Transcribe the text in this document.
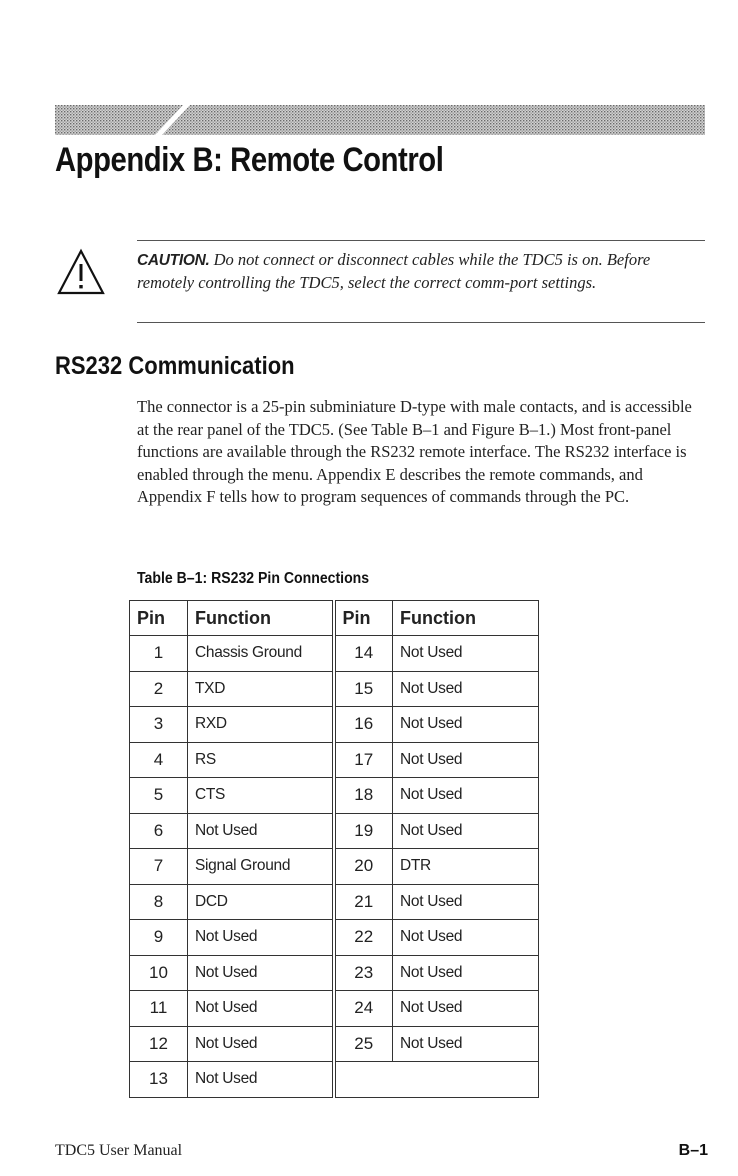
Appendix B: Remote Control

CAUTION. Do not connect or disconnect cables while the TDC5 is on. Before remotely controlling the TDC5, select the correct comm-port settings.

RS232 Communication

The connector is a 25-pin subminiature D-type with male contacts, and is accessible at the rear panel of the TDC5. (See Table B–1 and Figure B–1.) Most front-panel functions are available through the RS232 remote interface. The RS232 interface is enabled through the menu. Appendix E describes the remote commands, and Appendix F tells how to program sequences of commands through the PC.

Table B–1: RS232 Pin Connections

Pin	Function	Pin	Function
1	Chassis Ground	14	Not Used
2	TXD	15	Not Used
3	RXD	16	Not Used
4	RS	17	Not Used
5	CTS	18	Not Used
6	Not Used	19	Not Used
7	Signal Ground	20	DTR
8	DCD	21	Not Used
9	Not Used	22	Not Used
10	Not Used	23	Not Used
11	Not Used	24	Not Used
12	Not Used	25	Not Used
13	Not Used		

TDC5 User Manual	B–1
